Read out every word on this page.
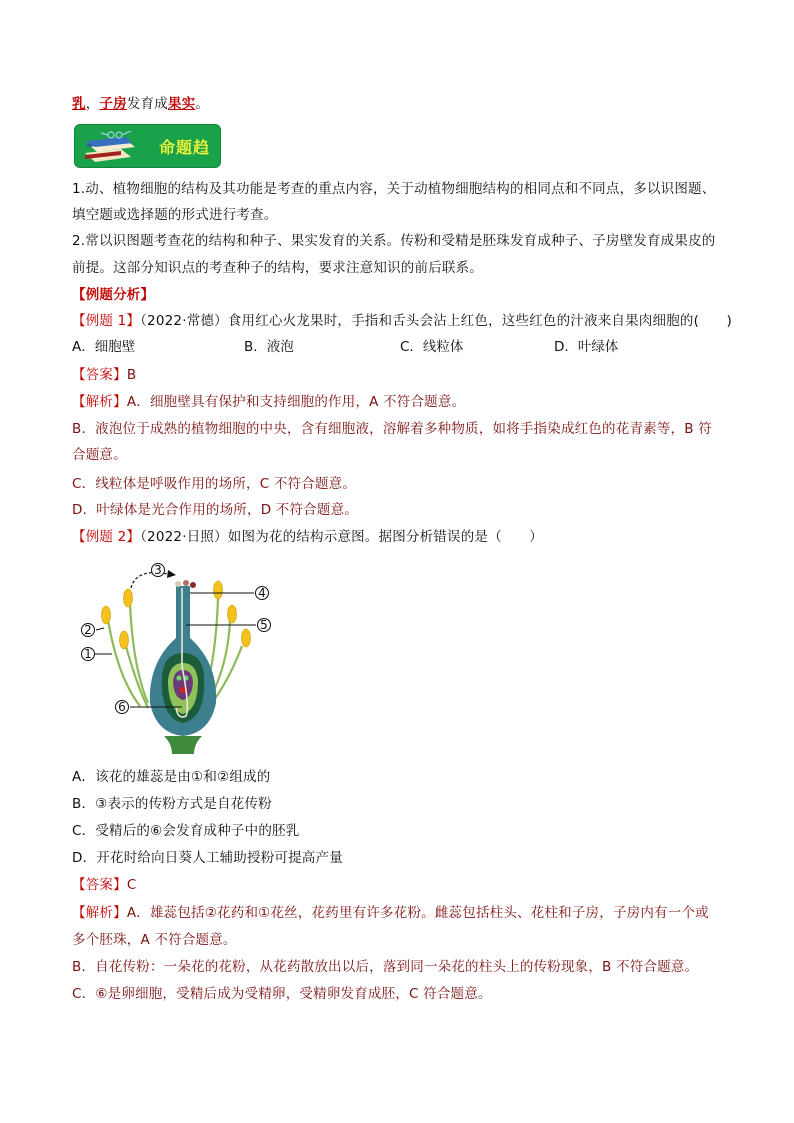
乳，子房发育成果实。
命题趋
1.动、植物细胞的结构及其功能是考查的重点内容，关于动植物细胞结构的相同点和不同点，多以识图题、
填空题或选择题的形式进行考查。
2.常以识图题考查花的结构和种子、果实发育的关系。传粉和受精是胚珠发育成种子、子房壁发育成果皮的
前提。这部分知识点的考查种子的结构，要求注意知识的前后联系。
【例题分析】
【例题 1】（2022·常德）食用红心火龙果时，手指和舌头会沾上红色，这些红色的汁液来自果肉细胞的(　　)
A．细胞壁	B．液泡	C．线粒体	D．叶绿体
【答案】B
【解析】A．细胞壁具有保护和支持细胞的作用，A 不符合题意。
B．液泡位于成熟的植物细胞的中央，含有细胞液，溶解着多种物质，如将手指染成红色的花青素等，B 符
合题意。
C．线粒体是呼吸作用的场所，C 不符合题意。
D．叶绿体是光合作用的场所，D 不符合题意。
【例题 2】（2022·日照）如图为花的结构示意图。据图分析错误的是（　　）
2
1
3
4
5
6
A．该花的雄蕊是由①和②组成的
B．③表示的传粉方式是自花传粉
C．受精后的⑥会发育成种子中的胚乳
D．开花时给向日葵人工辅助授粉可提高产量
【答案】C
【解析】A．雄蕊包括②花药和①花丝，花药里有许多花粉。雌蕊包括柱头、花柱和子房，子房内有一个或
多个胚珠，A 不符合题意。
B．自花传粉：一朵花的花粉，从花药散放出以后，落到同一朵花的柱头上的传粉现象，B 不符合题意。
C．⑥是卵细胞，受精后成为受精卵，受精卵发育成胚，C 符合题意。
